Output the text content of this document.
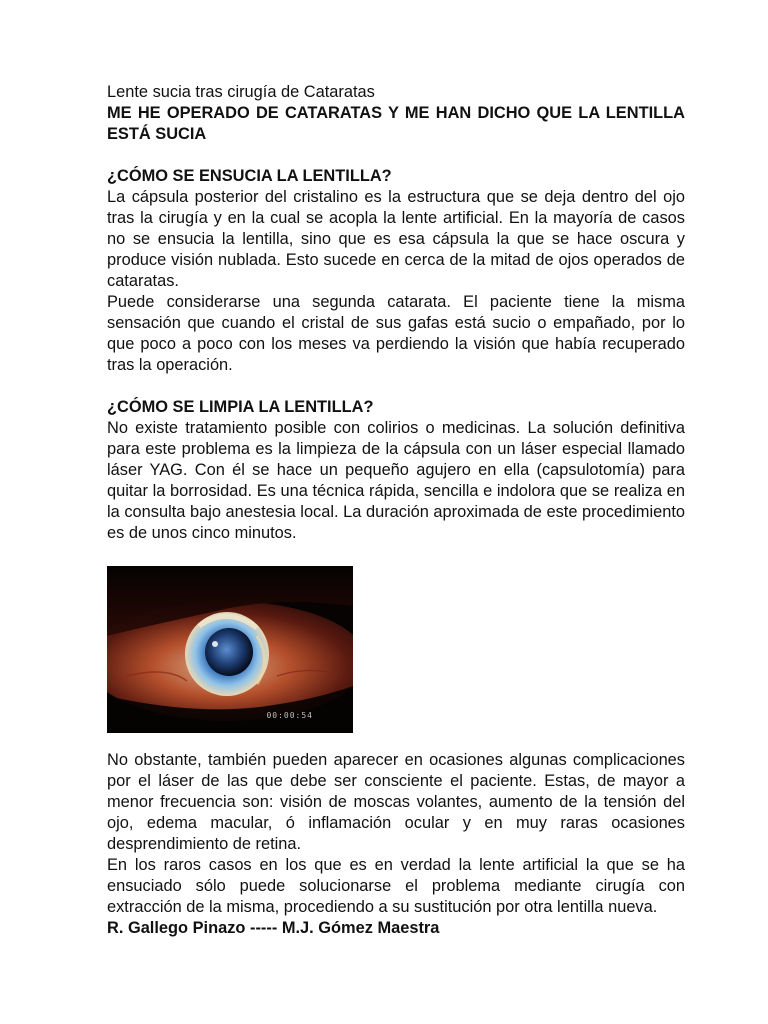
Lente sucia tras cirugía de Cataratas

ME HE OPERADO DE CATARATAS Y ME HAN DICHO QUE LA LENTILLA ESTÁ SUCIA

¿CÓMO SE ENSUCIA LA LENTILLA?

La cápsula posterior del cristalino es la estructura que se deja dentro del ojo tras la cirugía y en la cual se acopla la lente artificial. En la mayoría de casos no se ensucia la lentilla, sino que es esa cápsula la que se hace oscura y produce visión nublada. Esto sucede en cerca de la mitad de ojos operados de cataratas.

Puede considerarse una segunda catarata. El paciente tiene la misma sensación que cuando el cristal de sus gafas está sucio o empañado, por lo que poco a poco con los meses va perdiendo la visión que había recuperado tras la operación.

¿CÓMO SE LIMPIA LA LENTILLA?

No existe tratamiento posible con colirios o medicinas. La solución definitiva para este problema es la limpieza de la cápsula con un láser especial llamado láser YAG. Con él se hace un pequeño agujero en ella (capsulotomía) para quitar la borrosidad. Es una técnica rápida, sencilla e indolora que se realiza en la consulta bajo anestesia local. La duración aproximada de este procedimiento es de unos cinco minutos.

00:00:54

No obstante, también pueden aparecer en ocasiones algunas complicaciones por el láser de las que debe ser consciente el paciente. Estas, de mayor a menor frecuencia son: visión de moscas volantes, aumento de la tensión del ojo, edema macular, ó inflamación ocular y en muy raras ocasiones desprendimiento de retina.

En los raros casos en los que es en verdad la lente artificial la que se ha ensuciado sólo puede solucionarse el problema mediante cirugía con extracción de la misma, procediendo a su sustitución por otra lentilla nueva.

R. Gallego Pinazo ----- M.J. Gómez Maestra
